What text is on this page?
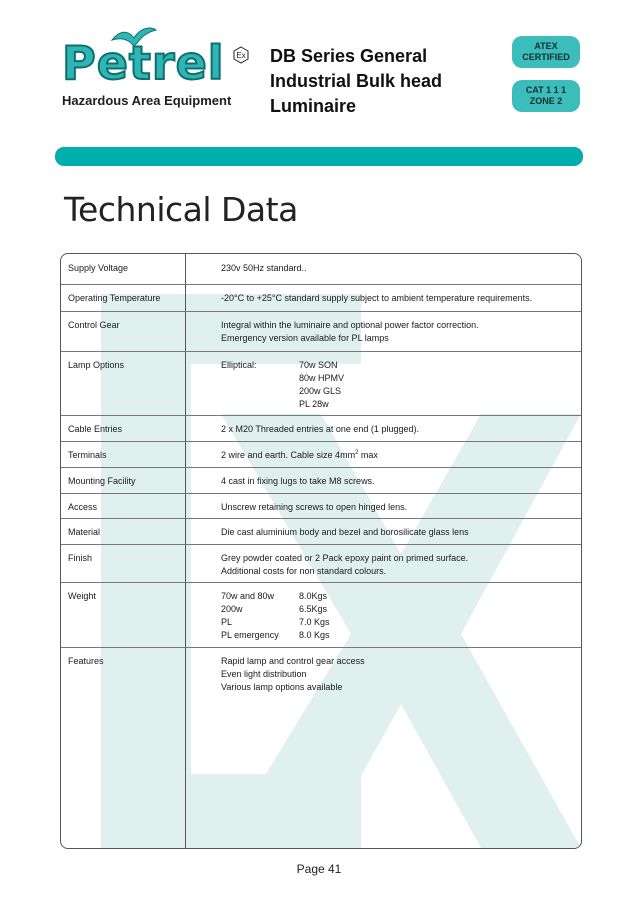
Petrel Ex
Hazardous Area Equipment
DB Series General
Industrial Bulk head
Luminaire
ATEX
CERTIFIED
CAT 1 1 1
ZONE 2
Technical Data
Supply Voltage	230v 50Hz standard..
Operating Temperature	-20°C to +25°C standard supply subject to ambient temperature requirements.
Control Gear	Integral within the luminaire and optional power factor correction.
Emergency version available for PL lamps
Lamp Options	Elliptical:	70w SON
80w HPMV
200w GLS
PL 28w
Cable Entries	2 x M20 Threaded entries at one end (1 plugged).
Terminals	2 wire and earth. Cable size $4mm^2$ max
Mounting Facility	4 cast in fixing lugs to take M8 screws.
Access	Unscrew retaining screws to open hinged lens.
Material	Die cast aluminium body and bezel and borosilicate glass lens
Finish	Grey powder coated or 2 Pack epoxy paint on primed surface.
Additional costs for non standard colours.
Weight	70w and 80w	8.0Kgs
200w	6.5Kgs
PL	7.0 Kgs
PL emergency	8.0 Kgs
Features	Rapid lamp and control gear access
Even light distribution
Various lamp options available
Page 41
